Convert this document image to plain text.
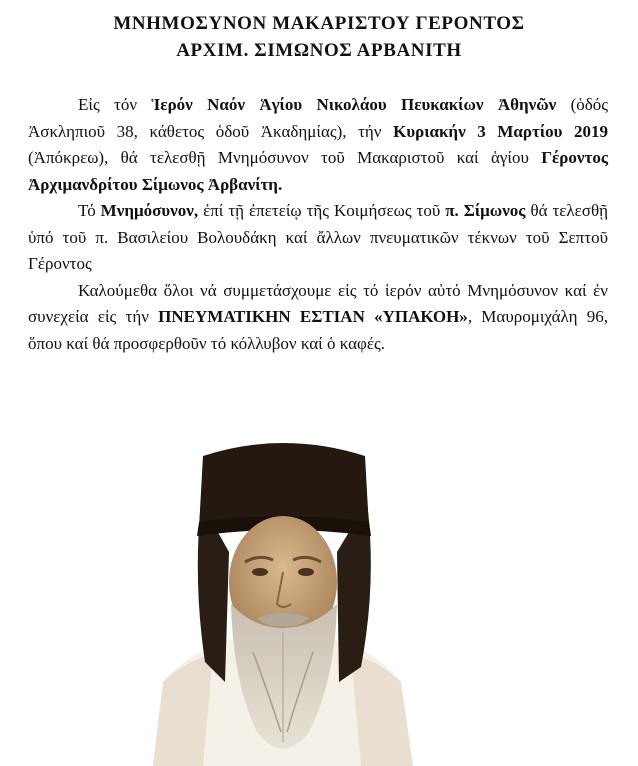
ΜΝΗΜΟΣΥΝΟΝ ΜΑΚΑΡΙΣΤΟΥ ΓΕΡΟΝΤΟΣ
ΑΡΧΙΜ. ΣΙΜΩΝΟΣ ΑΡΒΑΝΙΤΗ

Εἰς τόν Ἱερόν Ναόν Ἁγίου Νικολάου Πευκακίων Ἀθηνῶν (ὁδός Ἀσκληπιοῦ 38, κάθετος ὁδοῦ Ἀκαδημίας), τήν Κυριακήν 3 Μαρτίου 2019 (Ἀπόκρεω), θά τελεσθῇ Μνημόσυνον τοῦ Μακαριστοῦ καί ἁγίου Γέροντος Ἀρχιμανδρίτου Σίμωνος Ἀρβανίτη.

Τό Μνημόσυνον, ἐπί τῇ ἐπετείῳ τῆς Κοιμήσεως τοῦ π. Σίμωνος θά τελεσθῇ ὑπό τοῦ π. Βασιλείου Βολουδάκη καί ἄλλων πνευματικῶν τέκνων τοῦ Σεπτοῦ Γέροντος

Καλούμεθα ὅλοι νά συμμετάσχουμε εἰς τό ἱερόν αὐτό Μνημόσυνον καί ἐν συνεχεία εἰς τήν ΠΝΕΥΜΑΤΙΚΗΝ ΕΣΤΙΑΝ «ΥΠΑΚΟΗ», Μαυρομιχάλη 96, ὅπου καί θά προσφερθοῦν τό κόλλυβον καί ὁ καφές.
